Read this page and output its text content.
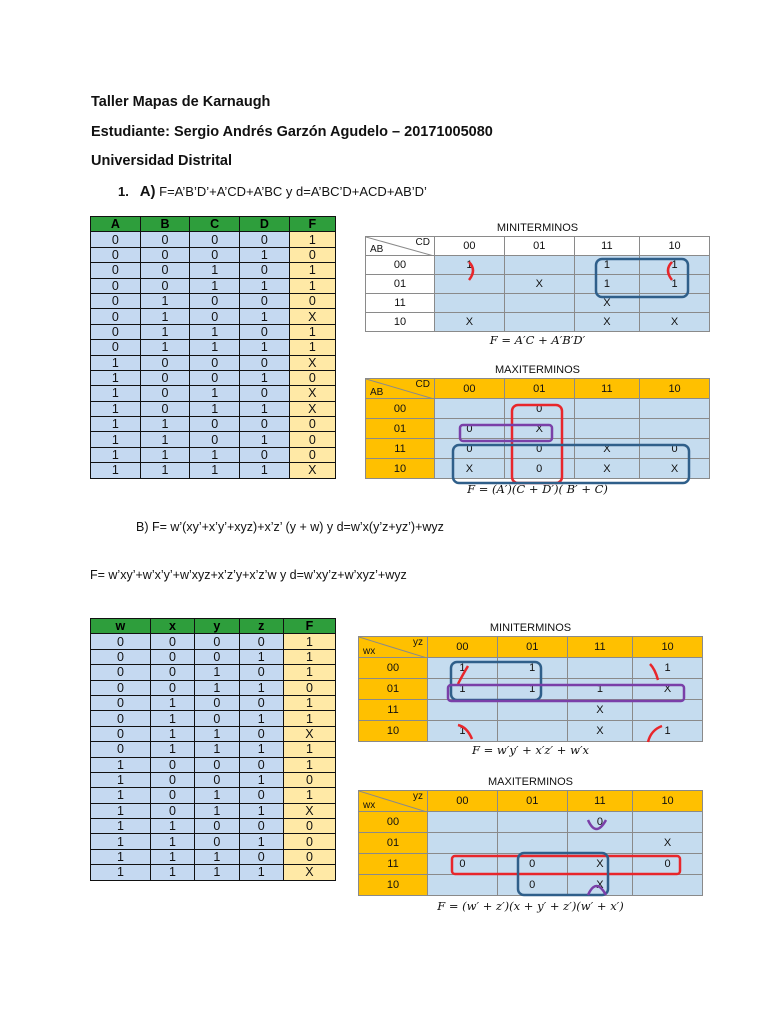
Taller Mapas de Karnaugh
Estudiante: Sergio Andrés Garzón Agudelo – 20171005080
Universidad Distrital
1. A) F=A’B’D’+A’CD+A’BC y d=A’BC’D+ACD+AB’D’
A	B	C	D	F
0	0	0	0	1
0	0	0	1	0
0	0	1	0	1
0	0	1	1	1
0	1	0	0	0
0	1	0	1	X
0	1	1	0	1
0	1	1	1	1
1	0	0	0	X
1	0	0	1	0
1	0	1	0	X
1	0	1	1	X
1	1	0	0	0
1	1	0	1	0
1	1	1	0	0
1	1	1	1	X
MINITERMINOS
CD
AB	00	01	11	10
00	1		1	1
01		X	1	1
11			X	
10	X		X	X
F = A′C + A′B′D′
MAXITERMINOS
CD
AB	00	01	11	10
00		0		
01	0	X		
11	0	0	X	0
10	X	0	X	X
F = (A′)(C + D′)( B′ + C)
B) F= w’(xy’+x’y’+xyz)+x’z’ (y + w) y d=w’x(y’z+yz’)+wyz
F= w’xy’+w’x’y’+w’xyz+x’z’y+x’z’w y d=w’xy’z+w’xyz’+wyz
w	x	y	z	F
0	0	0	0	1
0	0	0	1	1
0	0	1	0	1
0	0	1	1	0
0	1	0	0	1
0	1	0	1	1
0	1	1	0	X
0	1	1	1	1
1	0	0	0	1
1	0	0	1	0
1	0	1	0	1
1	0	1	1	X
1	1	0	0	0
1	1	0	1	0
1	1	1	0	0
1	1	1	1	X
MINITERMINOS
yz
wx	00	01	11	10
00	1	1		1
01	1	1	1	X
11			X	
10	1		X	1
F = w′y′ + x′z′ + w′x
MAXITERMINOS
yz
wx	00	01	11	10
00			0	
01				X
11	0	0	X	0
10		0	X	
F = (w′ + z′)(x + y′ + z′)(w′ + x′)
